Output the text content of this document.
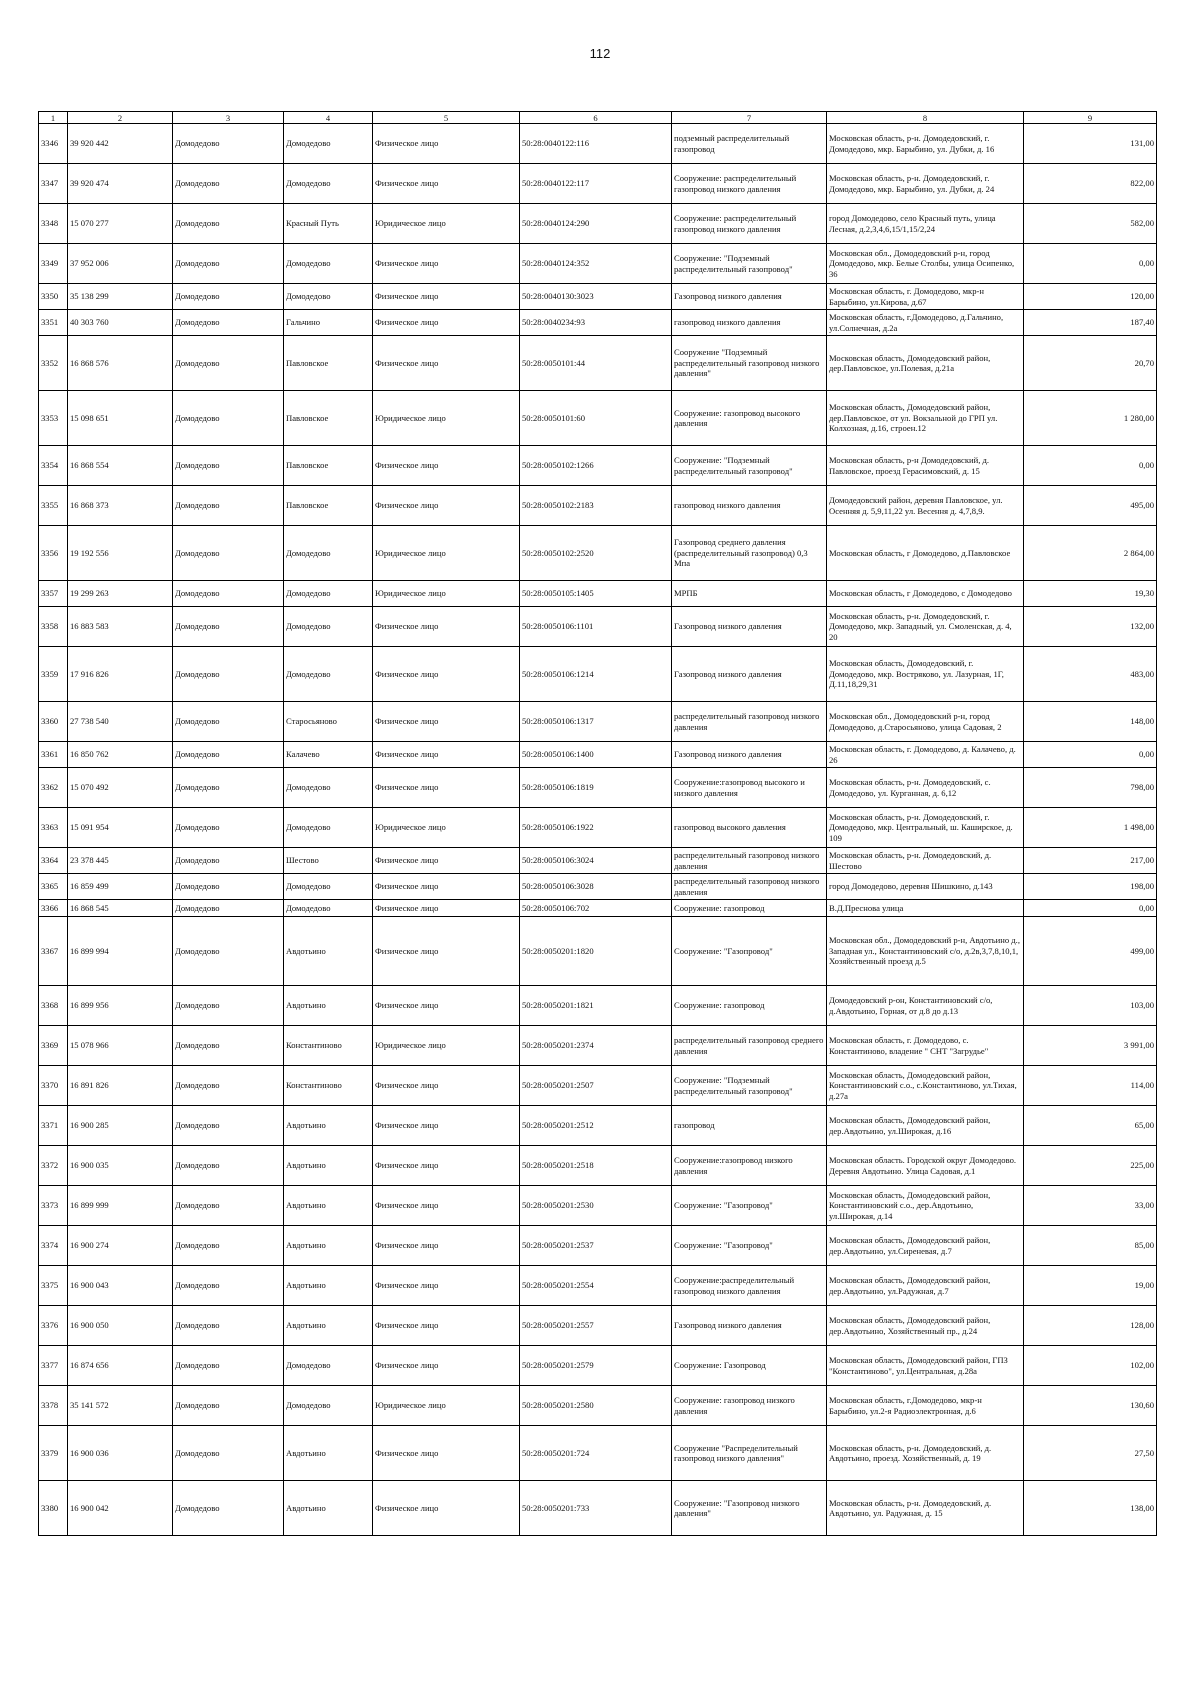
112
1	2	3	4	5	6	7	8	9
3346	39 920 442	Домодедово	Домодедово	Физическое лицо	50:28:0040122:116	подземный распределительный газопровод	Московская область, р-н. Домодедовский, г. Домодедово, мкр. Барыбино, ул. Дубки, д. 16	131,00
3347	39 920 474	Домодедово	Домодедово	Физическое лицо	50:28:0040122:117	Сооружение: распределительный газопровод низкого давления	Московская область, р-н. Домодедовский, г. Домодедово, мкр. Барыбино, ул. Дубки, д. 24	822,00
3348	15 070 277	Домодедово	Красный Путь	Юридическое лицо	50:28:0040124:290	Сооружение: распределительный газопровод низкого давления	город Домодедово, село Красный путь, улица Лесная, д.2,3,4,6,15/1,15/2,24	582,00
3349	37 952 006	Домодедово	Домодедово	Физическое лицо	50:28:0040124:352	Сооружение: "Подземный распределительный газопровод"	Московская обл., Домодедовский р-н, город Домодедово, мкр. Белые Столбы, улица Осипенко, 36	0,00
3350	35 138 299	Домодедово	Домодедово	Физическое лицо	50:28:0040130:3023	Газопровод низкого давления	Московская область, г. Домодедово, мкр-н Барыбино, ул.Кирова, д.67	120,00
3351	40 303 760	Домодедово	Гальчино	Физическое лицо	50:28:0040234:93	газопровод низкого давления	Московская область, г.Домодедово, д.Гальчино, ул.Солнечная, д.2а	187,40
3352	16 868 576	Домодедово	Павловское	Физическое лицо	50:28:0050101:44	Сооружение "Подземный распределительный газопровод низкого давления"	Московская область, Домодедовский район, дер.Павловское, ул.Полевая, д.21а	20,70
3353	15 098 651	Домодедово	Павловское	Юридическое лицо	50:28:0050101:60	Сооружение: газопровод высокого давления	Московская область, Домодедовский район, дер.Павловское, от ул. Вокзальной до ГРП ул. Колхозная, д.16, строен.12	1 280,00
3354	16 868 554	Домодедово	Павловское	Физическое лицо	50:28:0050102:1266	Сооружение: "Подземный распределительный газопровод"	Московская область, р-н Домодедовский, д. Павловское, проезд Герасимовский, д. 15	0,00
3355	16 868 373	Домодедово	Павловское	Физическое лицо	50:28:0050102:2183	газопровод низкого давления	Домодедовский район, деревня Павловское, ул. Осенняя д. 5,9,11,22 ул. Весення д. 4,7,8,9.	495,00
3356	19 192 556	Домодедово	Домодедово	Юридическое лицо	50:28:0050102:2520	Газопровод среднего давления (распределительный газопровод) 0,3 Мпа	Московская область, г Домодедово, д.Павловское	2 864,00
3357	19 299 263	Домодедово	Домодедово	Юридическое лицо	50:28:0050105:1405	МРПБ	Московская область, г Домодедово, с Домодедово	19,30
3358	16 883 583	Домодедово	Домодедово	Физическое лицо	50:28:0050106:1101	Газопровод низкого давления	Московская область, р-н. Домодедовский, г. Домодедово, мкр. Западный, ул. Смоленская, д. 4, 20	132,00
3359	17 916 826	Домодедово	Домодедово	Физическое лицо	50:28:0050106:1214	Газопровод низкого давления	Московская область, Домодедовский, г. Домодедово, мкр. Востряково, ул. Лазурная, 1Г, Д.11,18,29,31	483,00
3360	27 738 540	Домодедово	Старосьяново	Физическое лицо	50:28:0050106:1317	распределительный газопровод низкого давления	Московская обл., Домодедовский р-н, город Домодедово, д.Старосьяново, улица Садовая, 2	148,00
3361	16 850 762	Домодедово	Калачево	Физическое лицо	50:28:0050106:1400	Газопровод низкого давления	Московская область, г. Домодедово, д. Калачево, д. 26	0,00
3362	15 070 492	Домодедово	Домодедово	Физическое лицо	50:28:0050106:1819	Сооружение:газопровод высокого и низкого давления	Московская область, р-н. Домодедовский, с. Домодедово, ул. Курганная, д. 6,12	798,00
3363	15 091 954	Домодедово	Домодедово	Юридическое лицо	50:28:0050106:1922	газопровод высокого давления	Московская область, р-н. Домодедовский, г. Домодедово, мкр. Центральный, ш. Каширское, д. 109	1 498,00
3364	23 378 445	Домодедово	Шестово	Физическое лицо	50:28:0050106:3024	распределительный газопровод низкого давления	Московская область, р-н. Домодедовский, д. Шестово	217,00
3365	16 859 499	Домодедово	Домодедово	Физическое лицо	50:28:0050106:3028	распределительный газопровод низкого давления	город Домодедово, деревня Шишкино, д.143	198,00
3366	16 868 545	Домодедово	Домодедово	Физическое лицо	50:28:0050106:702	Сооружение: газопровод	В.Д.Преснова улица	0,00
3367	16 899 994	Домодедово	Авдотьино	Физическое лицо	50:28:0050201:1820	Сооружение: "Газопровод"	Московская обл., Домодедовский р-н, Авдотьино д., Западная ул., Константиновский с/о, д.2в,3,7,8,10,1, Хозяйственный проезд д.5	499,00
3368	16 899 956	Домодедово	Авдотьино	Физическое лицо	50:28:0050201:1821	Сооружение: газопровод	Домодедовский р-он, Константиновский с/о, д.Авдотьино, Горная, от д.8 до д.13	103,00
3369	15 078 966	Домодедово	Константиново	Юридическое лицо	50:28:0050201:2374	распределительный газопровод среднего давления	Московская область, г. Домодедово, с. Константиново, владение " СНТ "Загрудье"	3 991,00
3370	16 891 826	Домодедово	Константиново	Физическое лицо	50:28:0050201:2507	Сооружение: "Подземный распределительный газопровод"	Московская область, Домодедовский район, Константиновский с.о., с.Константиново, ул.Тихая, д.27а	114,00
3371	16 900 285	Домодедово	Авдотьино	Физическое лицо	50:28:0050201:2512	газопровод	Московская область, Домодедовский район, дер.Авдотьино, ул.Широкая, д.16	65,00
3372	16 900 035	Домодедово	Авдотьино	Физическое лицо	50:28:0050201:2518	Сооружение:газопровод низкого давления	Московская область. Городской округ Домодедово. Деревня Авдотьино. Улица Садовая, д.1	225,00
3373	16 899 999	Домодедово	Авдотьино	Физическое лицо	50:28:0050201:2530	Сооружение: "Газопровод"	Московская область, Домодедовский район, Константиновский с.о., дер.Авдотьино, ул.Широкая, д.14	33,00
3374	16 900 274	Домодедово	Авдотьино	Физическое лицо	50:28:0050201:2537	Сооружение: "Газопровод"	Московская область, Домодедовский район, дер.Авдотьино, ул.Сиреневая, д.7	85,00
3375	16 900 043	Домодедово	Авдотьино	Физическое лицо	50:28:0050201:2554	Сооружение:распределительный газопровод низкого давления	Московская область, Домодедовский район, дер.Авдотьино, ул.Радужная, д.7	19,00
3376	16 900 050	Домодедово	Авдотьино	Физическое лицо	50:28:0050201:2557	Газопровод низкого давления	Московская область, Домодедовский район, дер.Авдотьино, Хозяйственный пр., д.24	128,00
3377	16 874 656	Домодедово	Домодедово	Физическое лицо	50:28:0050201:2579	Сооружение: Газопровод	Московская область, Домодедовский район, ГПЗ "Константиново", ул.Центральная, д.28а	102,00
3378	35 141 572	Домодедово	Домодедово	Юридическое лицо	50:28:0050201:2580	Сооружение: газопровод низкого давления	Московская область, г.Домодедово, мкр-н Барыбино, ул.2-я Радиоэлектронная, д.6	130,60
3379	16 900 036	Домодедово	Авдотьино	Физическое лицо	50:28:0050201:724	Сооружение "Распределительный газопровод низкого давления"	Московская область, р-н. Домодедовский, д. Авдотьино, проезд. Хозяйственный, д. 19	27,50
3380	16 900 042	Домодедово	Авдотьино	Физическое лицо	50:28:0050201:733	Сооружение: "Газопровод низкого давления"	Московская область, р-н. Домодедовский, д. Авдотьино, ул. Радужная, д. 15	138,00
